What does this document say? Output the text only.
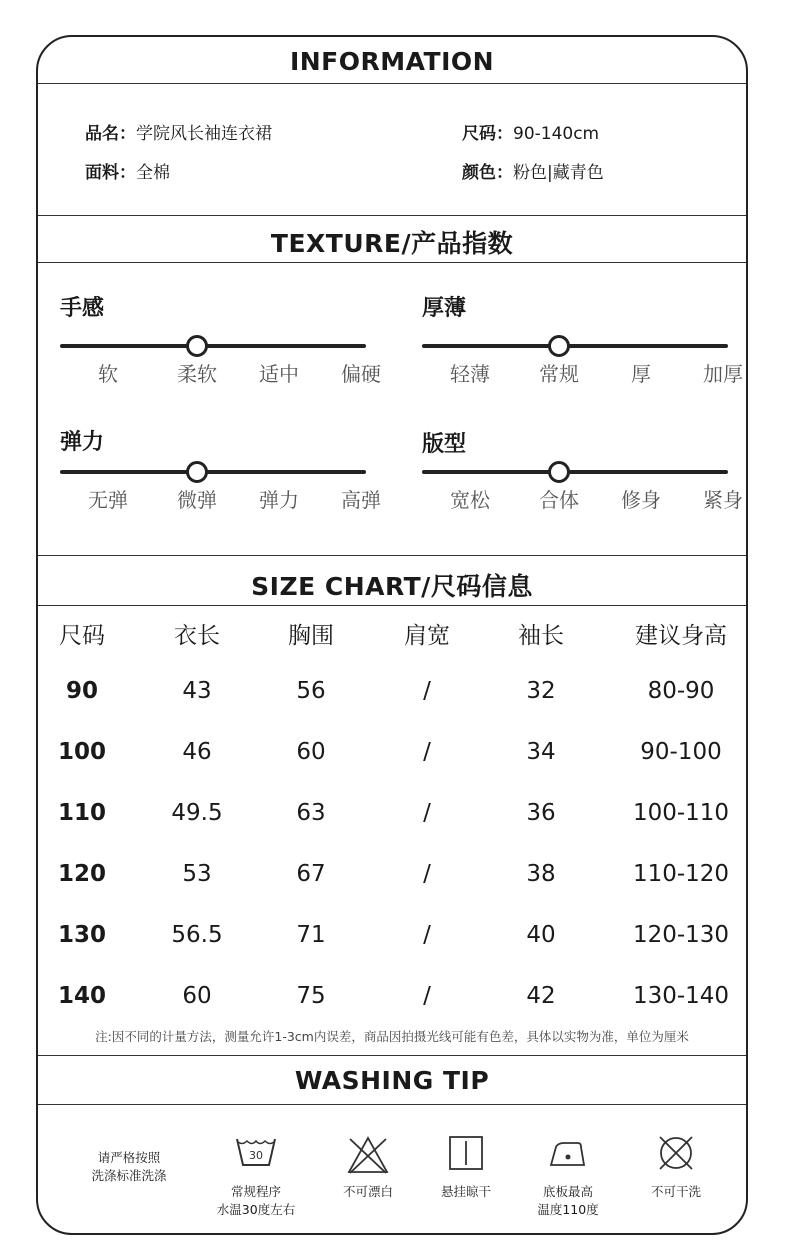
INFORMATION
品名：学院风长袖连衣裙	尺码：90-140cm
面料：全棉	颜色：粉色|藏青色
TEXTURE/产品指数
SIZE CHART/尺码信息
注:因不同的计量方法，测量允许1-3cm内误差，商品因拍摄光线可能有色差，具体以实物为准，单位为厘米
WASHING TIP
请严格按照
洗涤标准洗涤
30
常规程序
水温30度左右
不可漂白	悬挂晾干	底板最高
温度110度
不可干洗
手感
软	柔软 适中 偏硬
厚薄
轻薄 常规	厚	加厚
弹力
无弹 微弹 弹力 高弹
版型
宽松 合体 修身 紧身
尺码	衣长	胸围	肩宽	袖长	建议身高
90	43	56	/	32	80-90
100	46	60	/	34	90-100
110	49.5	63	/	36	100-110
120	53	67	/	38	110-120
130	56.5	71	/	40	120-130
140	60	75	/	42	130-140
